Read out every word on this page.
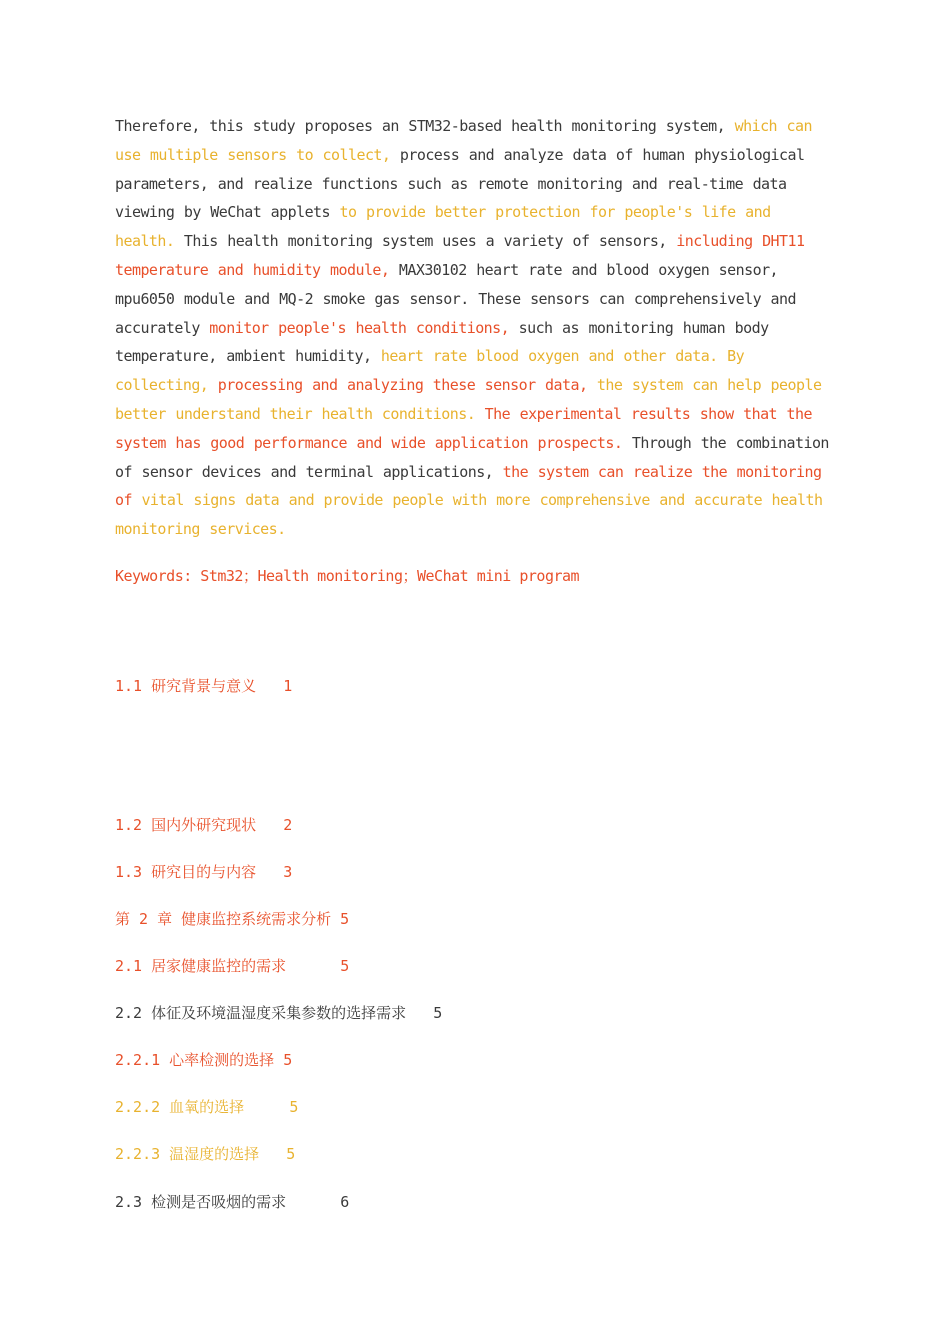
Therefore, this study proposes an STM32-based health monitoring system, which can use multiple sensors to collect, process and analyze data of human physiological parameters, and realize functions such as remote monitoring and real-time data viewing by WeChat applets to provide better protection for people's life and health. This health monitoring system uses a variety of sensors, including DHT11 temperature and humidity module, MAX30102 heart rate and blood oxygen sensor, mpu6050 module and MQ-2 smoke gas sensor. These sensors can comprehensively and accurately monitor people's health conditions, such as monitoring human body temperature, ambient humidity, heart rate blood oxygen and other data. By collecting, processing and analyzing these sensor data, the system can help people better understand their health conditions. The experimental results show that the system has good performance and wide application prospects. Through the combination of sensor devices and terminal applications, the system can realize the monitoring of vital signs data and provide people with more comprehensive and accurate health monitoring services.

Keywords: Stm32；Health monitoring；WeChat mini program

1.1 研究背景与意义   1

1.2 国内外研究现状   2

1.3 研究目的与内容   3

第 2 章 健康监控系统需求分析 5

2.1 居家健康监控的需求      5

2.2 体征及环境温湿度采集参数的选择需求   5

2.2.1 心率检测的选择 5

2.2.2 血氧的选择     5

2.2.3 温湿度的选择   5

2.3 检测是否吸烟的需求      6
